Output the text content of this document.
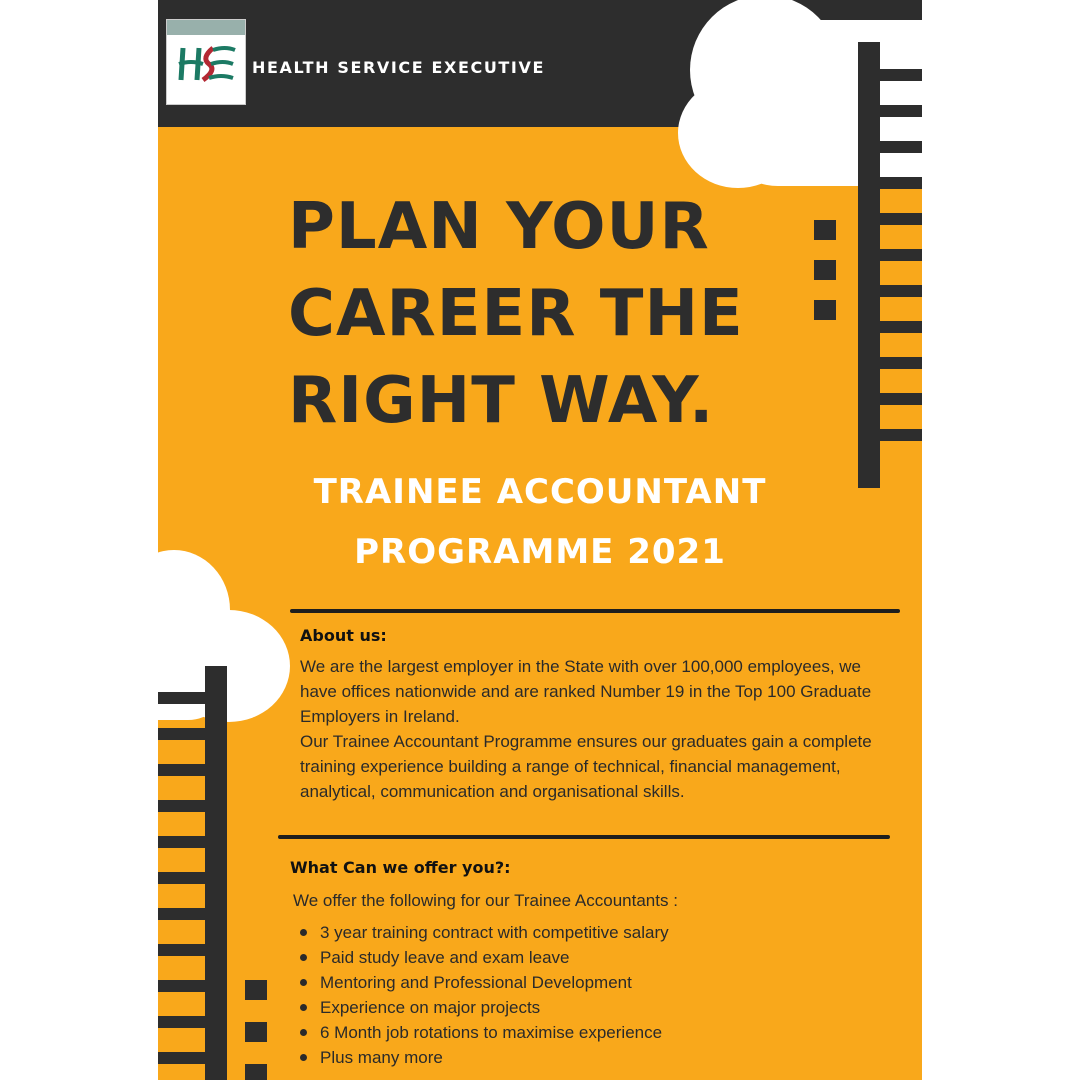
HEALTH SERVICE EXECUTIVE
PLAN YOUR
CAREER THE
RIGHT WAY.
TRAINEE ACCOUNTANT
PROGRAMME 2021
About us:

We are the largest employer in the State with over 100,000 employees, we have offices nationwide and are ranked Number 19 in the Top 100 Graduate Employers in Ireland.

Our Trainee Accountant Programme ensures our graduates gain a complete training experience building a range of technical, financial management, analytical, communication and organisational skills.

What Can we offer you?:
We offer the following for our Trainee Accountants :
3 year training contract with competitive salary
Paid study leave and exam leave
Mentoring and Professional Development
Experience on major projects
6 Month job rotations to maximise experience
Plus many more
